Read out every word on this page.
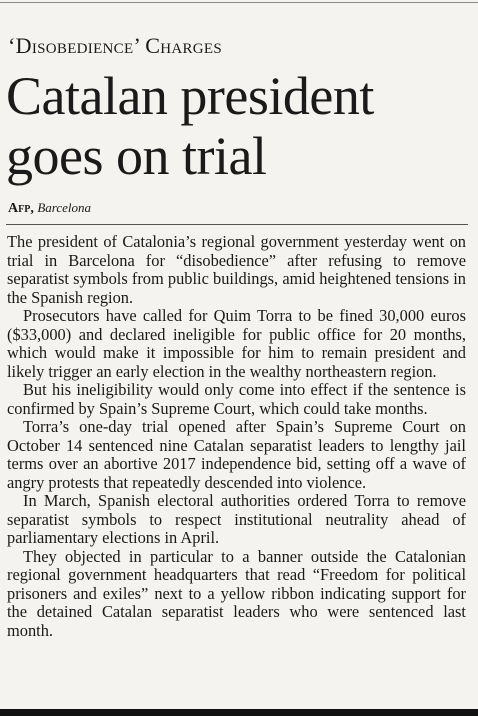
‘Disobedience’ Charges
Catalan president goes on trial
Afp, Barcelona

The president of Catalonia’s regional government yesterday went on trial in Barcelona for “disobedience” after refusing to remove separatist symbols from public buildings, amid heightened tensions in the Spanish region.

Prosecutors have called for Quim Torra to be fined 30,000 euros ($33,000) and declared ineligible for public office for 20 months, which would make it impossible for him to remain president and likely trigger an early election in the wealthy northeastern region.

But his ineligibility would only come into effect if the sentence is confirmed by Spain’s Supreme Court, which could take months.

Torra’s one-day trial opened after Spain’s Supreme Court on October 14 sentenced nine Catalan separatist leaders to lengthy jail terms over an abortive 2017 independence bid, setting off a wave of angry protests that repeatedly descended into violence.

In March, Spanish electoral authorities ordered Torra to remove separatist symbols to respect institutional neutrality ahead of parliamentary elections in April.

They objected in particular to a banner outside the Catalonian regional government headquarters that read “Freedom for political prisoners and exiles” next to a yellow ribbon indicating support for the detained Catalan separatist leaders who were sentenced last month.
